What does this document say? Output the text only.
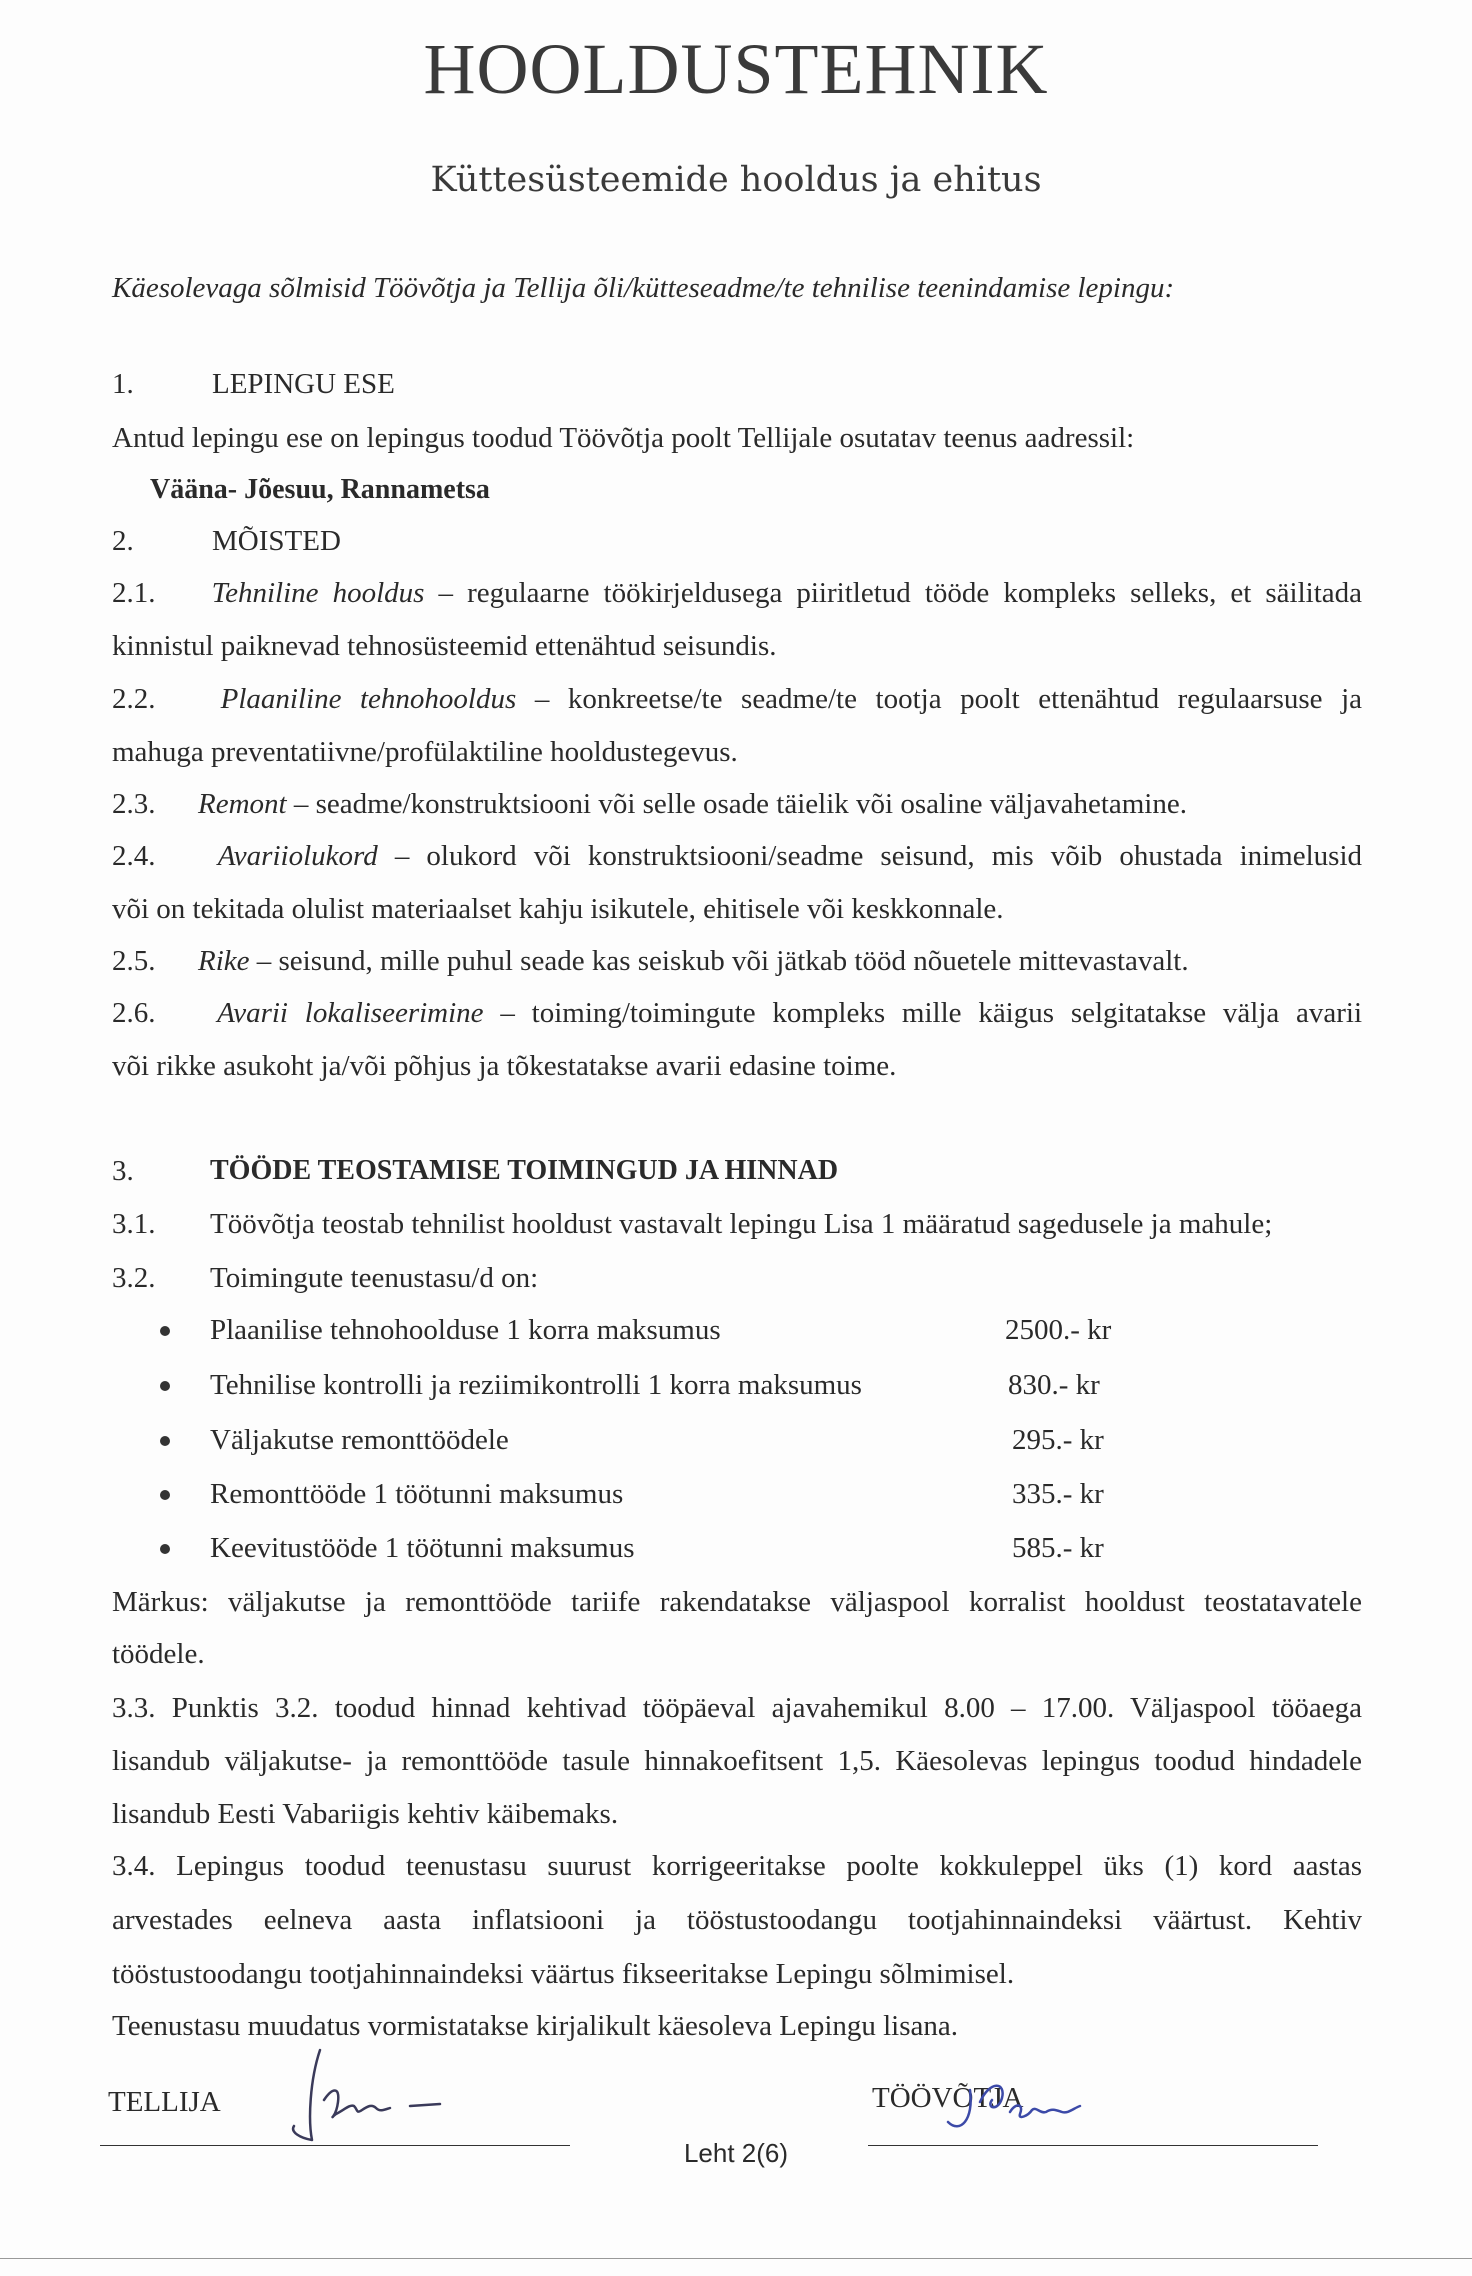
HOOLDUSTEHNIK
Küttesüsteemide hooldus ja ehitus
Käesolevaga sõlmisid Töövõtja ja Tellija õli/kütteseadme/te tehnilise teenindamise lepingu:
1.	LEPINGU ESE
Antud lepingu ese on lepingus toodud Töövõtja poolt Tellijale osutatav teenus aadressil:
Vääna- Jõesuu, Rannametsa
2.	MÕISTED
2.1. Tehniline hooldus – regulaarne töökirjeldusega piiritletud tööde kompleks selleks, et säilitada
kinnistul paiknevad tehnosüsteemid ettenähtud seisundis.
2.2. Plaaniline tehnohooldus – konkreetse/te seadme/te tootja poolt ettenähtud regulaarsuse ja
mahuga preventatiivne/profülaktiline hooldustegevus.
2.3. Remont – seadme/konstruktsiooni või selle osade täielik või osaline väljavahetamine.
2.4. Avariiolukord – olukord või konstruktsiooni/seadme seisund, mis võib ohustada inimelusid
või on tekitada olulist materiaalset kahju isikutele, ehitisele või keskkonnale.
2.5. Rike – seisund, mille puhul seade kas seiskub või jätkab tööd nõuetele mittevastavalt.
2.6. Avarii lokaliseerimine – toiming/toimingute kompleks mille käigus selgitatakse välja avarii
või rikke asukoht ja/või põhjus ja tõkestatakse avarii edasine toime.
3.	TÖÖDE TEOSTAMISE TOIMINGUD JA HINNAD
3.1. Töövõtja teostab tehnilist hooldust vastavalt lepingu Lisa 1 määratud sagedusele ja mahule;
3.2. Toimingute teenustasu/d on:
Plaanilise tehnohoolduse 1 korra maksumus	2500.- kr
Tehnilise kontrolli ja reziimikontrolli 1 korra maksumus	830.- kr
Väljakutse remonttöödele	295.- kr
Remonttööde 1 töötunni maksumus	335.- kr
Keevitustööde 1 töötunni maksumus	585.- kr
Märkus: väljakutse ja remonttööde tariife rakendatakse väljaspool korralist hooldust teostatavatele
töödele.
3.3. Punktis 3.2. toodud hinnad kehtivad tööpäeval ajavahemikul 8.00 – 17.00. Väljaspool tööaega
lisandub väljakutse- ja remonttööde tasule hinnakoefitsent 1,5. Käesolevas lepingus toodud hindadele
lisandub Eesti Vabariigis kehtiv käibemaks.
3.4. Lepingus toodud teenustasu suurust korrigeeritakse poolte kokkuleppel üks (1) kord aastas
arvestades eelneva aasta inflatsiooni ja tööstustoodangu tootjahinnaindeksi väärtust. Kehtiv
tööstustoodangu tootjahinnaindeksi väärtus fikseeritakse Lepingu sõlmimisel.
Teenustasu muudatus vormistatakse kirjalikult käesoleva Lepingu lisana.
TELLIJA	TÖÖVÕTJA
Leht 2(6)
